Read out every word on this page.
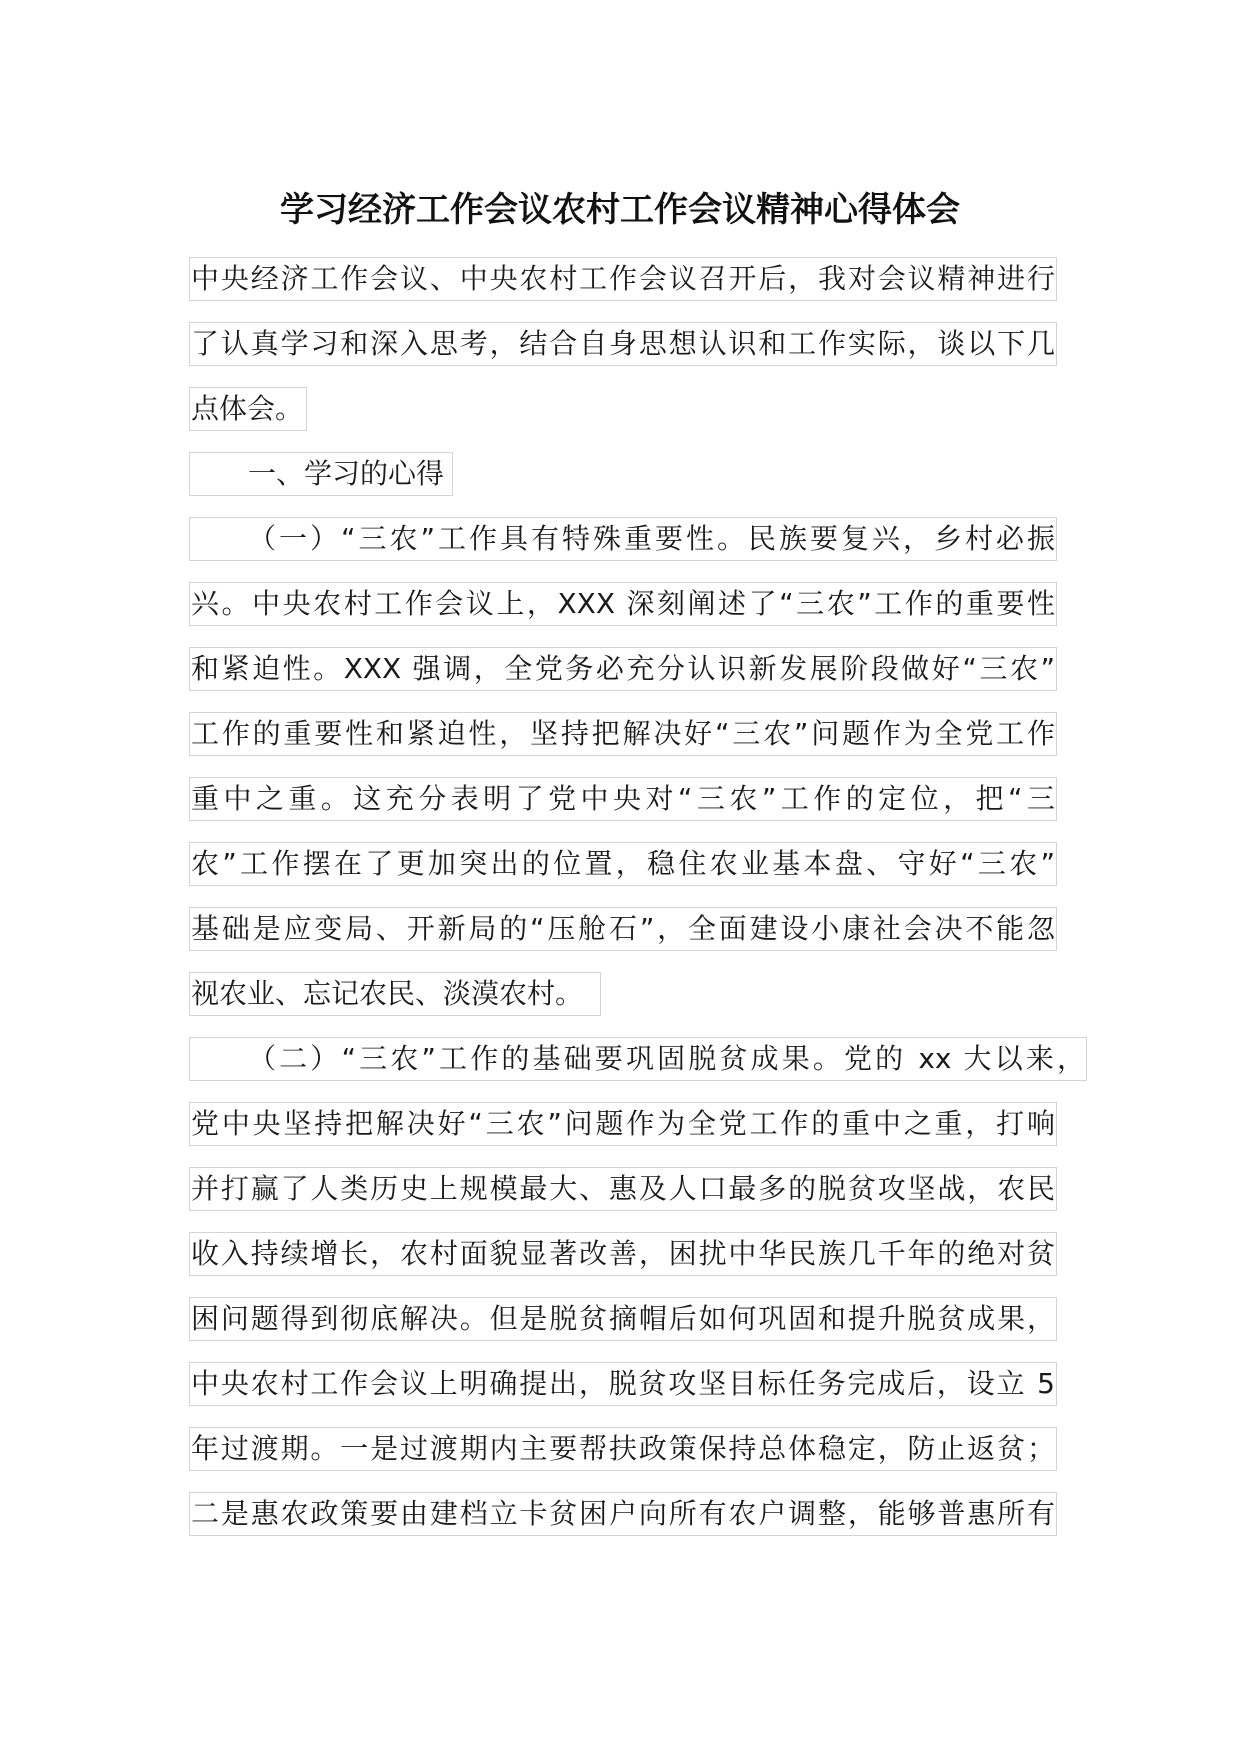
学习经济工作会议农村工作会议精神心得体会
中央经济工作会议、中央农村工作会议召开后，我对会议精神进行
了认真学习和深入思考，结合自身思想认识和工作实际，谈以下几
点体会。
一、学习的心得
（一）“三农”工作具有特殊重要性。民族要复兴，乡村必振
兴。中央农村工作会议上，XXX 深刻阐述了“三农”工作的重要性
和紧迫性。XXX 强调，全党务必充分认识新发展阶段做好“三农”
工作的重要性和紧迫性，坚持把解决好“三农”问题作为全党工作
重中之重。这充分表明了党中央对“三农”工作的定位，把“三
农”工作摆在了更加突出的位置，稳住农业基本盘、守好“三农”
基础是应变局、开新局的“压舱石”，全面建设小康社会决不能忽
视农业、忘记农民、淡漠农村。
（二）“三农”工作的基础要巩固脱贫成果。党的 xx 大以来，
党中央坚持把解决好“三农”问题作为全党工作的重中之重，打响
并打赢了人类历史上规模最大、惠及人口最多的脱贫攻坚战，农民
收入持续增长，农村面貌显著改善，困扰中华民族几千年的绝对贫
困问题得到彻底解决。但是脱贫摘帽后如何巩固和提升脱贫成果，
中央农村工作会议上明确提出，脱贫攻坚目标任务完成后，设立 5
年过渡期。一是过渡期内主要帮扶政策保持总体稳定，防止返贫；
二是惠农政策要由建档立卡贫困户向所有农户调整，能够普惠所有
